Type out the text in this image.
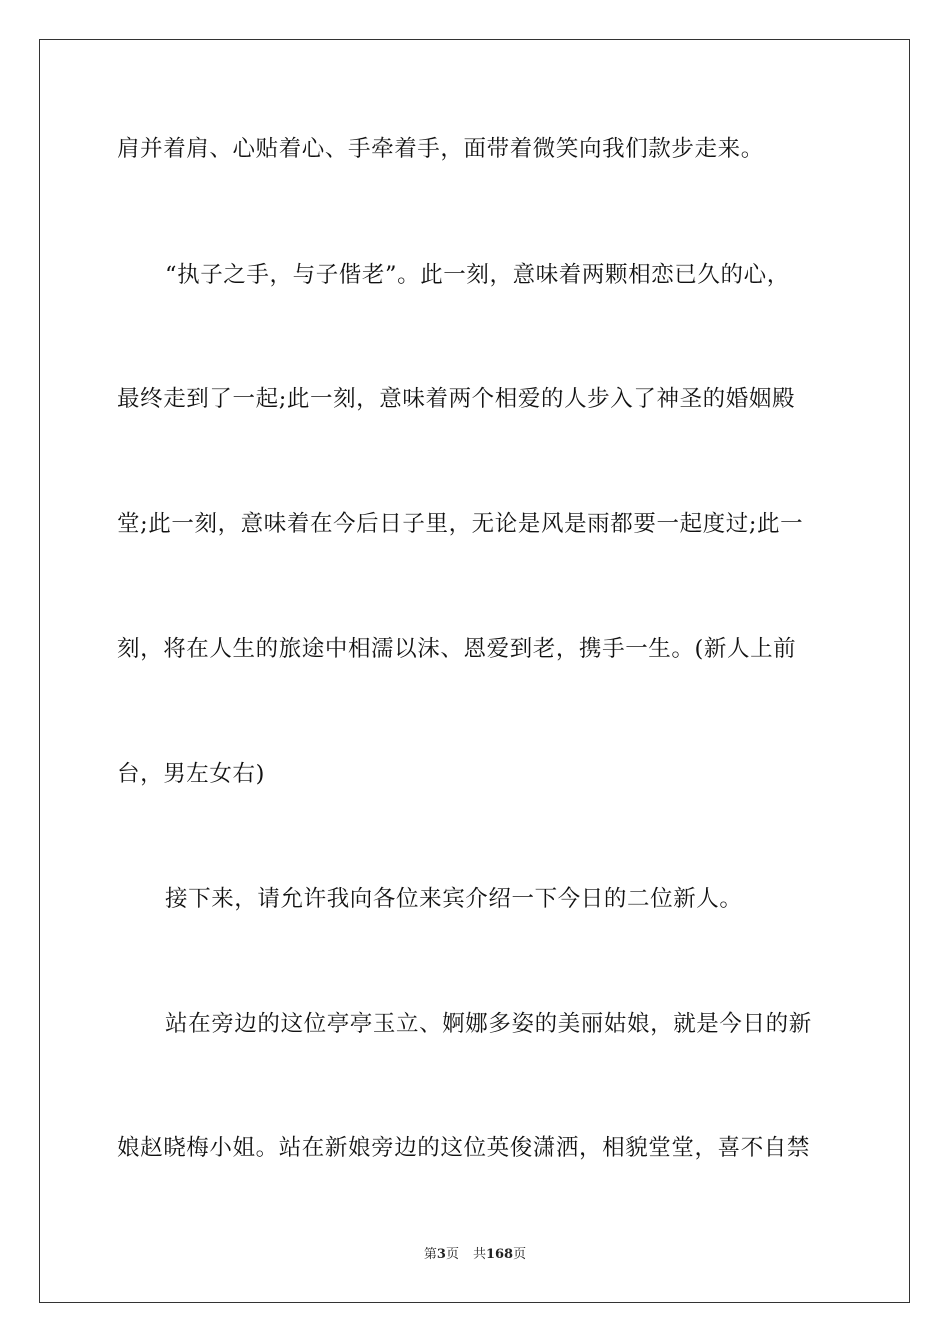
肩并着肩、心贴着心、手牵着手，面带着微笑向我们款步走来。
“执子之手，与子偕老”。此一刻，意味着两颗相恋已久的心，
最终走到了一起;此一刻，意味着两个相爱的人步入了神圣的婚姻殿
堂;此一刻，意味着在今后日子里，无论是风是雨都要一起度过;此一
刻，将在人生的旅途中相濡以沫、恩爱到老，携手一生。(新人上前
台，男左女右)
接下来，请允许我向各位来宾介绍一下今日的二位新人。
站在旁边的这位亭亭玉立、婀娜多姿的美丽姑娘，就是今日的新
娘赵晓梅小姐。站在新娘旁边的这位英俊潇洒，相貌堂堂，喜不自禁
第3页 共168页
